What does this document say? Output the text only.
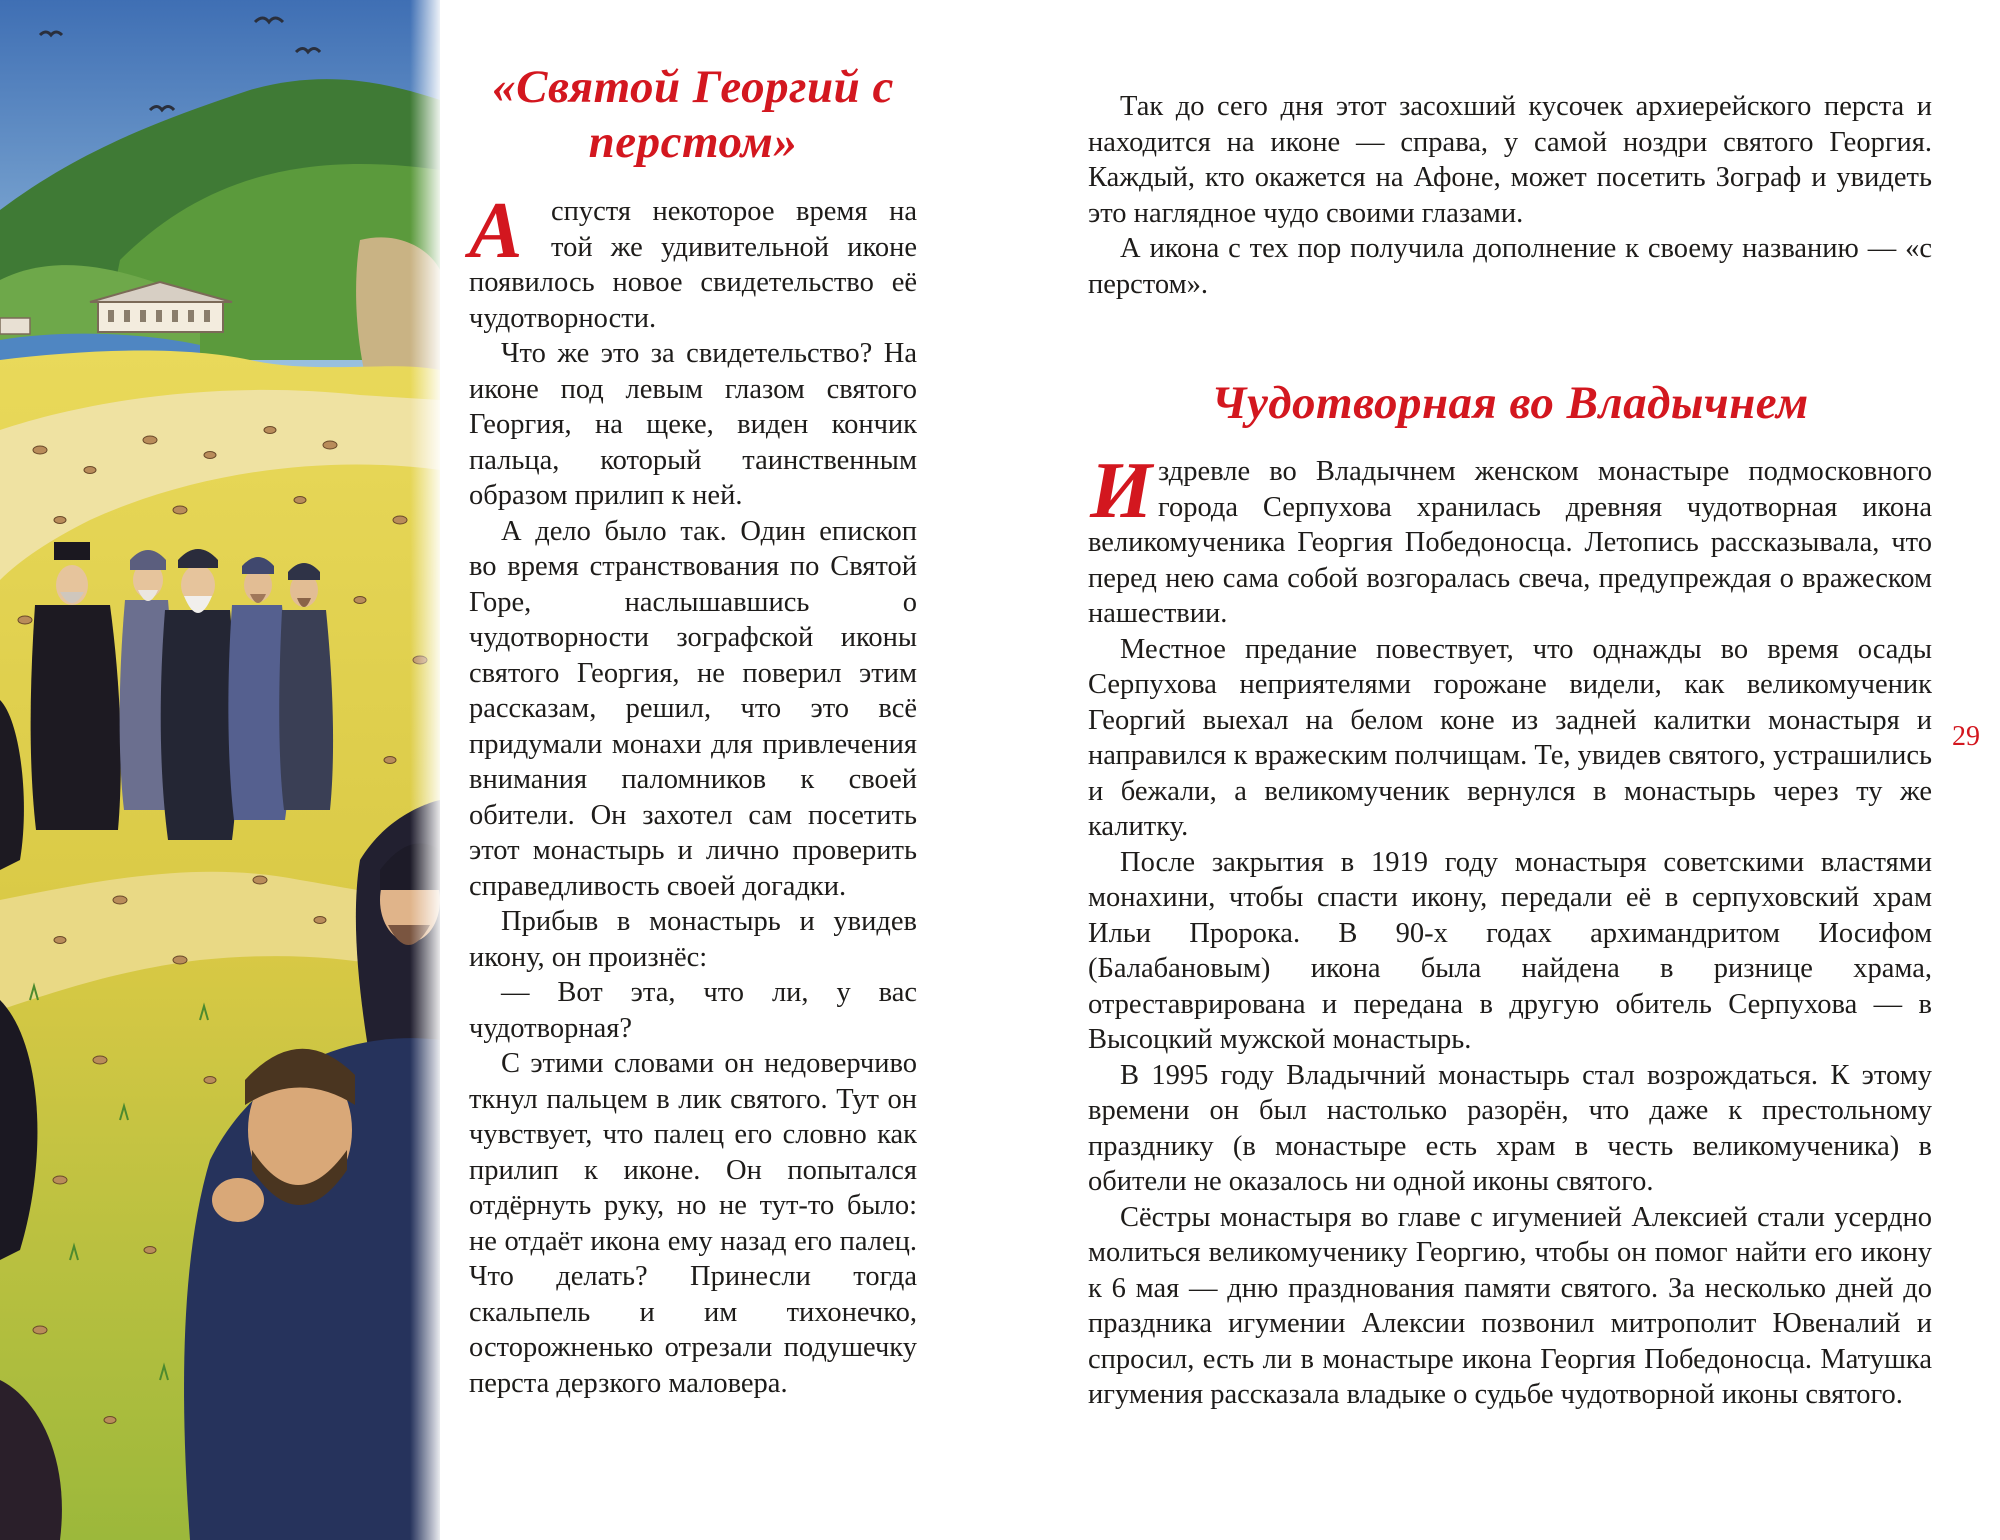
«Святой Георгий с перстом»

А	спустя некоторое время на той же удивительной иконе появилось новое свидетельство её чудотворности.

Что же это за свидетельство? На иконе под левым глазом святого Георгия, на щеке, виден кончик пальца, который таинственным образом прилип к ней.

А дело было так. Один епископ во время странствования по Святой Горе, наслышавшись о чудотворности зографской иконы святого Георгия, не поверил этим рассказам, решил, что это всё придумали монахи для привлечения внимания паломников к своей обители. Он захотел сам посетить этот монастырь и лично проверить справедливость своей догадки.

Прибыв в монастырь и увидев икону, он произнёс:

— Вот эта, что ли, у вас чудотворная?

С этими словами он недоверчиво ткнул пальцем в лик святого. Тут он чувствует, что палец его словно как прилип к иконе. Он попытался отдёрнуть руку, но не тут-то было: не отдаёт икона ему назад его палец. Что делать? Принесли тогда скальпель и им тихонечко, осторожненько отрезали подушечку перста дерзкого маловера.

Так до сего дня этот засохший кусочек архиерейского перста и находится на иконе — справа, у самой ноздри святого Георгия. Каждый, кто окажется на Афоне, может посетить Зограф и увидеть это наглядное чудо своими глазами.

А икона с тех пор получила дополнение к своему названию — «с перстом».

Чудотворная во Владычнем

Издревле во Владычнем женском монастыре подмосковного города Серпухова хранилась древняя чудотворная икона великомученика Георгия Победоносца. Летопись рассказывала, что перед нею сама собой возгоралась свеча, предупреждая о вражеском нашествии.

Местное предание повествует, что однажды во время осады Серпухова неприятелями горожане видели, как великомученик Георгий выехал на белом коне из задней калитки монастыря и направился к вражеским полчищам. Те, увидев святого, устрашились и бежали, а великомученик вернулся в монастырь через ту же калитку.

После закрытия в 1919 году монастыря советскими властями монахини, чтобы спасти икону, передали её в серпуховский храм Ильи Пророка. В 90-х годах архимандритом Иосифом (Балабановым) икона была найдена в ризнице храма, отреставрирована и передана в другую обитель Серпухова — в Высоцкий мужской монастырь.

В 1995 году Владычний монастырь стал возрождаться. К этому времени он был настолько разорён, что даже к престольному празднику (в монастыре есть храм в честь великомученика) в обители не оказалось ни одной иконы святого.

Сёстры монастыря во главе с игуменией Алексией стали усердно молиться великомученику Георгию, чтобы он помог найти его икону к 6 мая — дню празднования памяти святого. За несколько дней до праздника игумении Алексии позвонил митрополит Ювеналий и спросил, есть ли в монастыре икона Георгия Победоносца. Матушка игумения рассказала владыке о судьбе чудотворной иконы святого.

29
